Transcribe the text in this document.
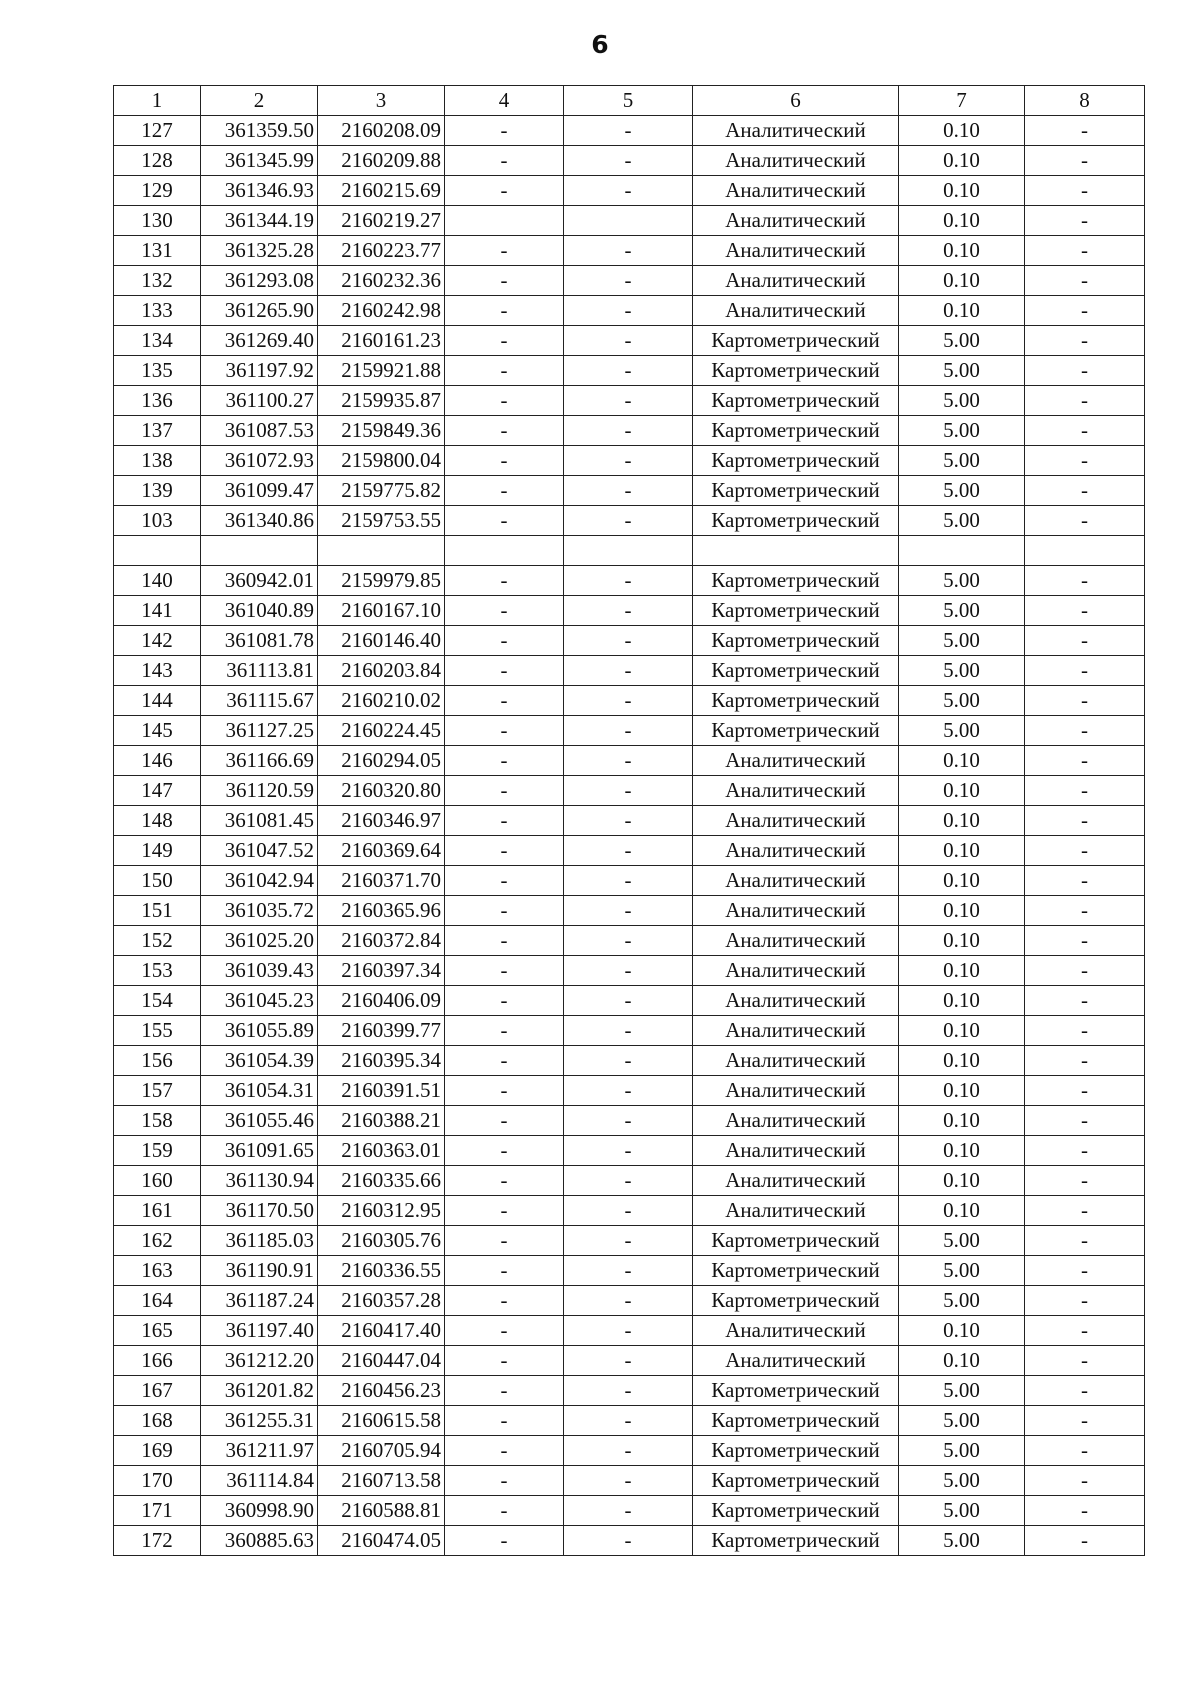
6
1	2	3	4	5	6	7	8
127	361359.50	2160208.09	-	-	Аналитический	0.10	-
128	361345.99	2160209.88	-	-	Аналитический	0.10	-
129	361346.93	2160215.69	-	-	Аналитический	0.10	-
130	361344.19	2160219.27			Аналитический	0.10	-
131	361325.28	2160223.77	-	-	Аналитический	0.10	-
132	361293.08	2160232.36	-	-	Аналитический	0.10	-
133	361265.90	2160242.98	-	-	Аналитический	0.10	-
134	361269.40	2160161.23	-	-	Картометрический	5.00	-
135	361197.92	2159921.88	-	-	Картометрический	5.00	-
136	361100.27	2159935.87	-	-	Картометрический	5.00	-
137	361087.53	2159849.36	-	-	Картометрический	5.00	-
138	361072.93	2159800.04	-	-	Картометрический	5.00	-
139	361099.47	2159775.82	-	-	Картометрический	5.00	-
103	361340.86	2159753.55	-	-	Картометрический	5.00	-

140	360942.01	2159979.85	-	-	Картометрический	5.00	-
141	361040.89	2160167.10	-	-	Картометрический	5.00	-
142	361081.78	2160146.40	-	-	Картометрический	5.00	-
143	361113.81	2160203.84	-	-	Картометрический	5.00	-
144	361115.67	2160210.02	-	-	Картометрический	5.00	-
145	361127.25	2160224.45	-	-	Картометрический	5.00	-
146	361166.69	2160294.05	-	-	Аналитический	0.10	-
147	361120.59	2160320.80	-	-	Аналитический	0.10	-
148	361081.45	2160346.97	-	-	Аналитический	0.10	-
149	361047.52	2160369.64	-	-	Аналитический	0.10	-
150	361042.94	2160371.70	-	-	Аналитический	0.10	-
151	361035.72	2160365.96	-	-	Аналитический	0.10	-
152	361025.20	2160372.84	-	-	Аналитический	0.10	-
153	361039.43	2160397.34	-	-	Аналитический	0.10	-
154	361045.23	2160406.09	-	-	Аналитический	0.10	-
155	361055.89	2160399.77	-	-	Аналитический	0.10	-
156	361054.39	2160395.34	-	-	Аналитический	0.10	-
157	361054.31	2160391.51	-	-	Аналитический	0.10	-
158	361055.46	2160388.21	-	-	Аналитический	0.10	-
159	361091.65	2160363.01	-	-	Аналитический	0.10	-
160	361130.94	2160335.66	-	-	Аналитический	0.10	-
161	361170.50	2160312.95	-	-	Аналитический	0.10	-
162	361185.03	2160305.76	-	-	Картометрический	5.00	-
163	361190.91	2160336.55	-	-	Картометрический	5.00	-
164	361187.24	2160357.28	-	-	Картометрический	5.00	-
165	361197.40	2160417.40	-	-	Аналитический	0.10	-
166	361212.20	2160447.04	-	-	Аналитический	0.10	-
167	361201.82	2160456.23	-	-	Картометрический	5.00	-
168	361255.31	2160615.58	-	-	Картометрический	5.00	-
169	361211.97	2160705.94	-	-	Картометрический	5.00	-
170	361114.84	2160713.58	-	-	Картометрический	5.00	-
171	360998.90	2160588.81	-	-	Картометрический	5.00	-
172	360885.63	2160474.05	-	-	Картометрический	5.00	-
